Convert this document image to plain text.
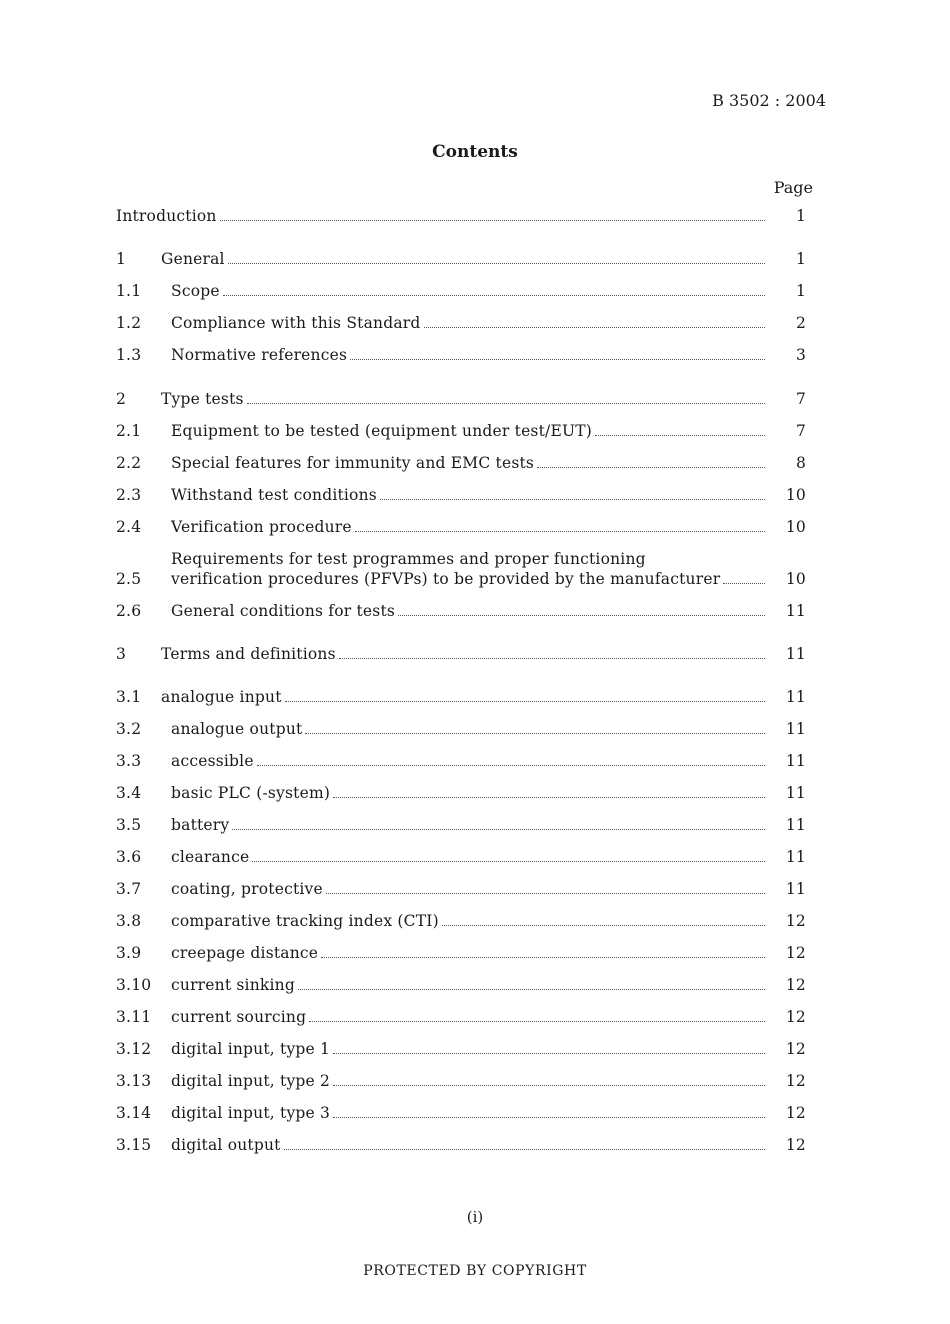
B 3502 : 2004
Contents
Page
Introduction	1
1 General	1
1.1 Scope	1
1.2 Compliance with this Standard	2
1.3 Normative references	3
2 Type tests	7
2.1 Equipment to be tested (equipment under test/EUT)	7
2.2 Special features for immunity and EMC tests	8
2.3 Withstand test conditions	10
2.4 Verification procedure	10
2.5
Requirements for test programmes and proper functioning
verification procedures (PFVPs) to be provided by the manufacturer	10
2.6 General conditions for tests	11
3 Terms and definitions	11
3.1 analogue input	11
3.2 analogue output	11
3.3 accessible	11
3.4 basic PLC (-system)	11
3.5 battery	11
3.6 clearance	11
3.7 coating, protective	11
3.8 comparative tracking index (CTI)	12
3.9 creepage distance	12
3.10 current sinking	12
3.11 current sourcing	12
3.12 digital input, type 1	12
3.13 digital input, type 2	12
3.14 digital input, type 3	12
3.15 digital output	12
(i)
PROTECTED BY COPYRIGHT
